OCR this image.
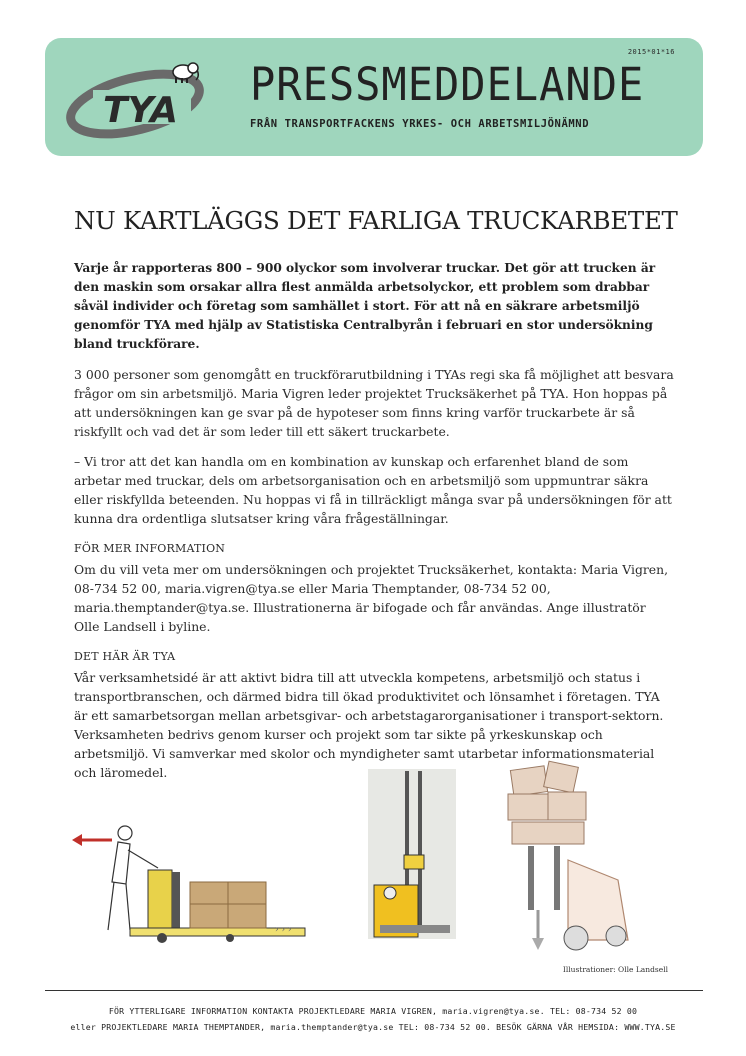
TYA
2015*01*16
PRESSMEDDELANDE
FRÅN TRANSPORTFACKENS YRKES- OCH ARBETSMILJÖNÄMND
NU KARTLÄGGS DET FARLIGA TRUCKARBETET

Varje år rapporteras 800 – 900 olyckor som involverar truckar. Det gör att trucken är den maskin som orsakar allra flest anmälda arbetsolyckor, ett problem som drabbar såväl individer och företag som samhället i stort. För att nå en säkrare arbetsmiljö genomför TYA med hjälp av Statistiska Centralbyrån i februari en stor undersökning bland truckförare.

3 000 personer som genomgått en truckförarutbildning i TYAs regi ska få möjlighet att besvara frågor om sin arbetsmiljö. Maria Vigren leder projektet Trucksäkerhet på TYA. Hon hoppas på att undersökningen kan ge svar på de hypoteser som finns kring varför truckarbete är så riskfyllt och vad det är som leder till ett säkert truckarbete.

– Vi tror att det kan handla om en kombination av kunskap och erfarenhet bland de som arbetar med truckar, dels om arbetsorganisation och en arbetsmiljö som uppmuntrar säkra eller riskfyllda beteenden. Nu hoppas vi få in tillräckligt många svar på undersökningen för att kunna dra ordentliga slutsatser kring våra frågeställningar.

FÖR MER INFORMATION

Om du vill veta mer om undersökningen och projektet Trucksäkerhet, kontakta: Maria Vigren, 08-734 52 00, maria.vigren@tya.se eller Maria Themptander, 08-734 52 00, maria.themptander@tya.se. Illustrationerna är bifogade och får användas. Ange illustratör Olle Landsell i byline.

DET HÄR ÄR TYA

Vår verksamhetsidé är att aktivt bidra till att utveckla kompetens, arbetsmiljö och status i transportbranschen, och därmed bidra till ökad produktivitet och lönsamhet i företagen. TYA är ett samarbetsorgan mellan arbetsgivar- och arbetstagarorganisationer i transport-sektorn. Verksamheten bedrivs genom kurser och projekt som tar sikte på yrkeskunskap och arbetsmiljö. Vi samverkar med skolor och myndigheter samt utarbetar informationsmaterial och läromedel.

› › ›
Illustrationer: Olle Landsell
FÖR YTTERLIGARE INFORMATION KONTAKTA PROJEKTLEDARE MARIA VIGREN, maria.vigren@tya.se. TEL: 08-734 52 00
eller PROJEKTLEDARE MARIA THEMPTANDER, maria.themptander@tya.se TEL: 08-734 52 00. BESÖK GÄRNA VÅR HEMSIDA: WWW.TYA.SE
